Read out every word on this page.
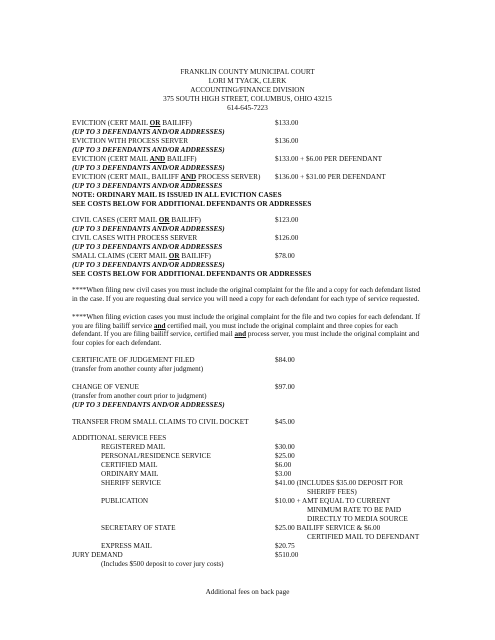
FRANKLIN COUNTY MUNICIPAL COURT
LORI M TYACK, CLERK
ACCOUNTING/FINANCE DIVISION
375 SOUTH HIGH STREET, COLUMBUS, OHIO 43215
614-645-7223
EVICTION (CERT MAIL OR BAILIFF)	$133.00
(UP TO 3 DEFENDANTS AND/OR ADDRESSES)
EVICTION WITH PROCESS SERVER	$136.00
(UP TO 3 DEFENDANTS AND/OR ADDRESSES)
EVICTION (CERT MAIL AND BAILIFF)	$133.00 + $6.00 PER DEFENDANT
(UP TO 3 DEFENDANTS AND/OR ADDRESSES)
EVICTION (CERT MAIL, BAILIFF AND PROCESS SERVER) $136.00 + $31.00 PER DEFENDANT
(UP TO 3 DEFENDANTS AND/OR ADDRESSES
NOTE: ORDINARY MAIL IS ISSUED IN ALL EVICTION CASES
SEE COSTS BELOW FOR ADDITIONAL DEFENDANTS OR ADDRESSES
CIVIL CASES (CERT MAIL OR BAILIFF)	$123.00
(UP TO 3 DEFENDANTS AND/OR ADDRESSES)
CIVIL CASES WITH PROCESS SERVER	$126.00
(UP TO 3 DEFENDANTS AND/OR ADDRESSES
SMALL CLAIMS (CERT MAIL OR BAILIFF)	$78.00
(UP TO 3 DEFENDANTS AND/OR ADDRESSES)
SEE COSTS BELOW FOR ADDITIONAL DEFENDANTS OR ADDRESSES
****When filing new civil cases you must include the original complaint for the file and a copy for each defendant listed in the case. If you are requesting dual service you will need a copy for each defendant for each type of service requested.
****When filing eviction cases you must include the original complaint for the file and two copies for each defendant. If you are filing bailiff service and certified mail, you must include the original complaint and three copies for each defendant. If you are filing bailiff service, certified mail and process server, you must include the original complaint and four copies for each defendant.
CERTIFICATE OF JUDGEMENT FILED	$84.00
(transfer from another county after judgment)
CHANGE OF VENUE	$97.00
(transfer from another court prior to judgment)
(UP TO 3 DEFENDANTS AND/OR ADDRESSES)
TRANSFER FROM SMALL CLAIMS TO CIVIL DOCKET	$45.00
ADDITIONAL SERVICE FEES
REGISTERED MAIL	$30.00
PERSONAL/RESIDENCE SERVICE	$25.00
CERTIFIED MAIL	$6.00
ORDINARY MAIL	$3.00
SHERIFF SERVICE	$41.00 (INCLUDES $35.00 DEPOSIT FOR
SHERIFF FEES)
PUBLICATION	$10.00 + AMT EQUAL TO CURRENT
MINIMUM RATE TO BE PAID
DIRECTLY TO MEDIA SOURCE
SECRETARY OF STATE	$25.00 BAILIFF SERVICE & $6.00
CERTIFIED MAIL TO DEFENDANT
EXPRESS MAIL	$20.75
JURY DEMAND	$510.00
(Includes $500 deposit to cover jury costs)
Additional fees on back page
